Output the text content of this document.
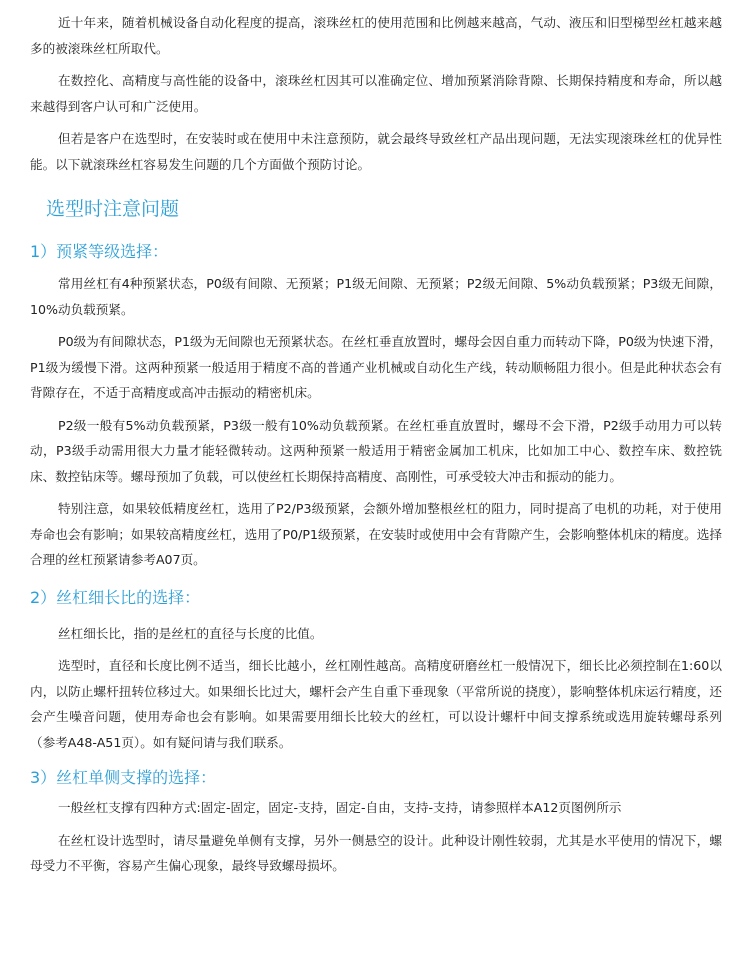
近十年来，随着机械设备自动化程度的提高，滚珠丝杠的使用范围和比例越来越高，气动、液压和旧型梯型丝杠越来越多的被滚珠丝杠所取代。

在数控化、高精度与高性能的设备中，滚珠丝杠因其可以准确定位、增加预紧消除背隙、长期保持精度和寿命，所以越来越得到客户认可和广泛使用。

但若是客户在选型时，在安装时或在使用中未注意预防，就会最终导致丝杠产品出现问题，无法实现滚珠丝杠的优异性能。以下就滚珠丝杠容易发生问题的几个方面做个预防讨论。

选型时注意问题
1）预紧等级选择：

常用丝杠有4种预紧状态，P0级有间隙、无预紧；P1级无间隙、无预紧；P2级无间隙、5%动负载预紧；P3级无间隙，10%动负载预紧。

P0级为有间隙状态，P1级为无间隙也无预紧状态。在丝杠垂直放置时，螺母会因自重力而转动下降，P0级为快速下滑，P1级为缓慢下滑。这两种预紧一般适用于精度不高的普通产业机械或自动化生产线，转动顺畅阻力很小。但是此种状态会有背隙存在，不适于高精度或高冲击振动的精密机床。

P2级一般有5%动负载预紧，P3级一般有10%动负载预紧。在丝杠垂直放置时，螺母不会下滑，P2级手动用力可以转动，P3级手动需用很大力量才能轻微转动。这两种预紧一般适用于精密金属加工机床，比如加工中心、数控车床、数控铣床、数控钻床等。螺母预加了负载，可以使丝杠长期保持高精度、高刚性，可承受较大冲击和振动的能力。

特别注意，如果较低精度丝杠，选用了P2/P3级预紧，会额外增加整根丝杠的阻力，同时提高了电机的功耗，对于使用寿命也会有影响；如果较高精度丝杠，选用了P0/P1级预紧，在安装时或使用中会有背隙产生，会影响整体机床的精度。选择合理的丝杠预紧请参考A07页。

2）丝杠细长比的选择：

丝杠细长比，指的是丝杠的直径与长度的比值。

选型时，直径和长度比例不适当，细长比越小，丝杠刚性越高。高精度研磨丝杠一般情况下，细长比必须控制在1:60以内，以防止螺杆扭转位移过大。如果细长比过大，螺杆会产生自重下垂现象（平常所说的挠度），影响整体机床运行精度，还会产生噪音问题，使用寿命也会有影响。如果需要用细长比较大的丝杠，可以设计螺杆中间支撑系统或选用旋转螺母系列（参考A48-A51页）。如有疑问请与我们联系。

3）丝杠单侧支撑的选择：

一般丝杠支撑有四种方式:固定-固定，固定-支持，固定-自由，支持-支持，请参照样本A12页图例所示

在丝杠设计选型时，请尽量避免单侧有支撑，另外一侧悬空的设计。此种设计刚性较弱，尤其是水平使用的情况下，螺母受力不平衡，容易产生偏心现象，最终导致螺母损坏。
